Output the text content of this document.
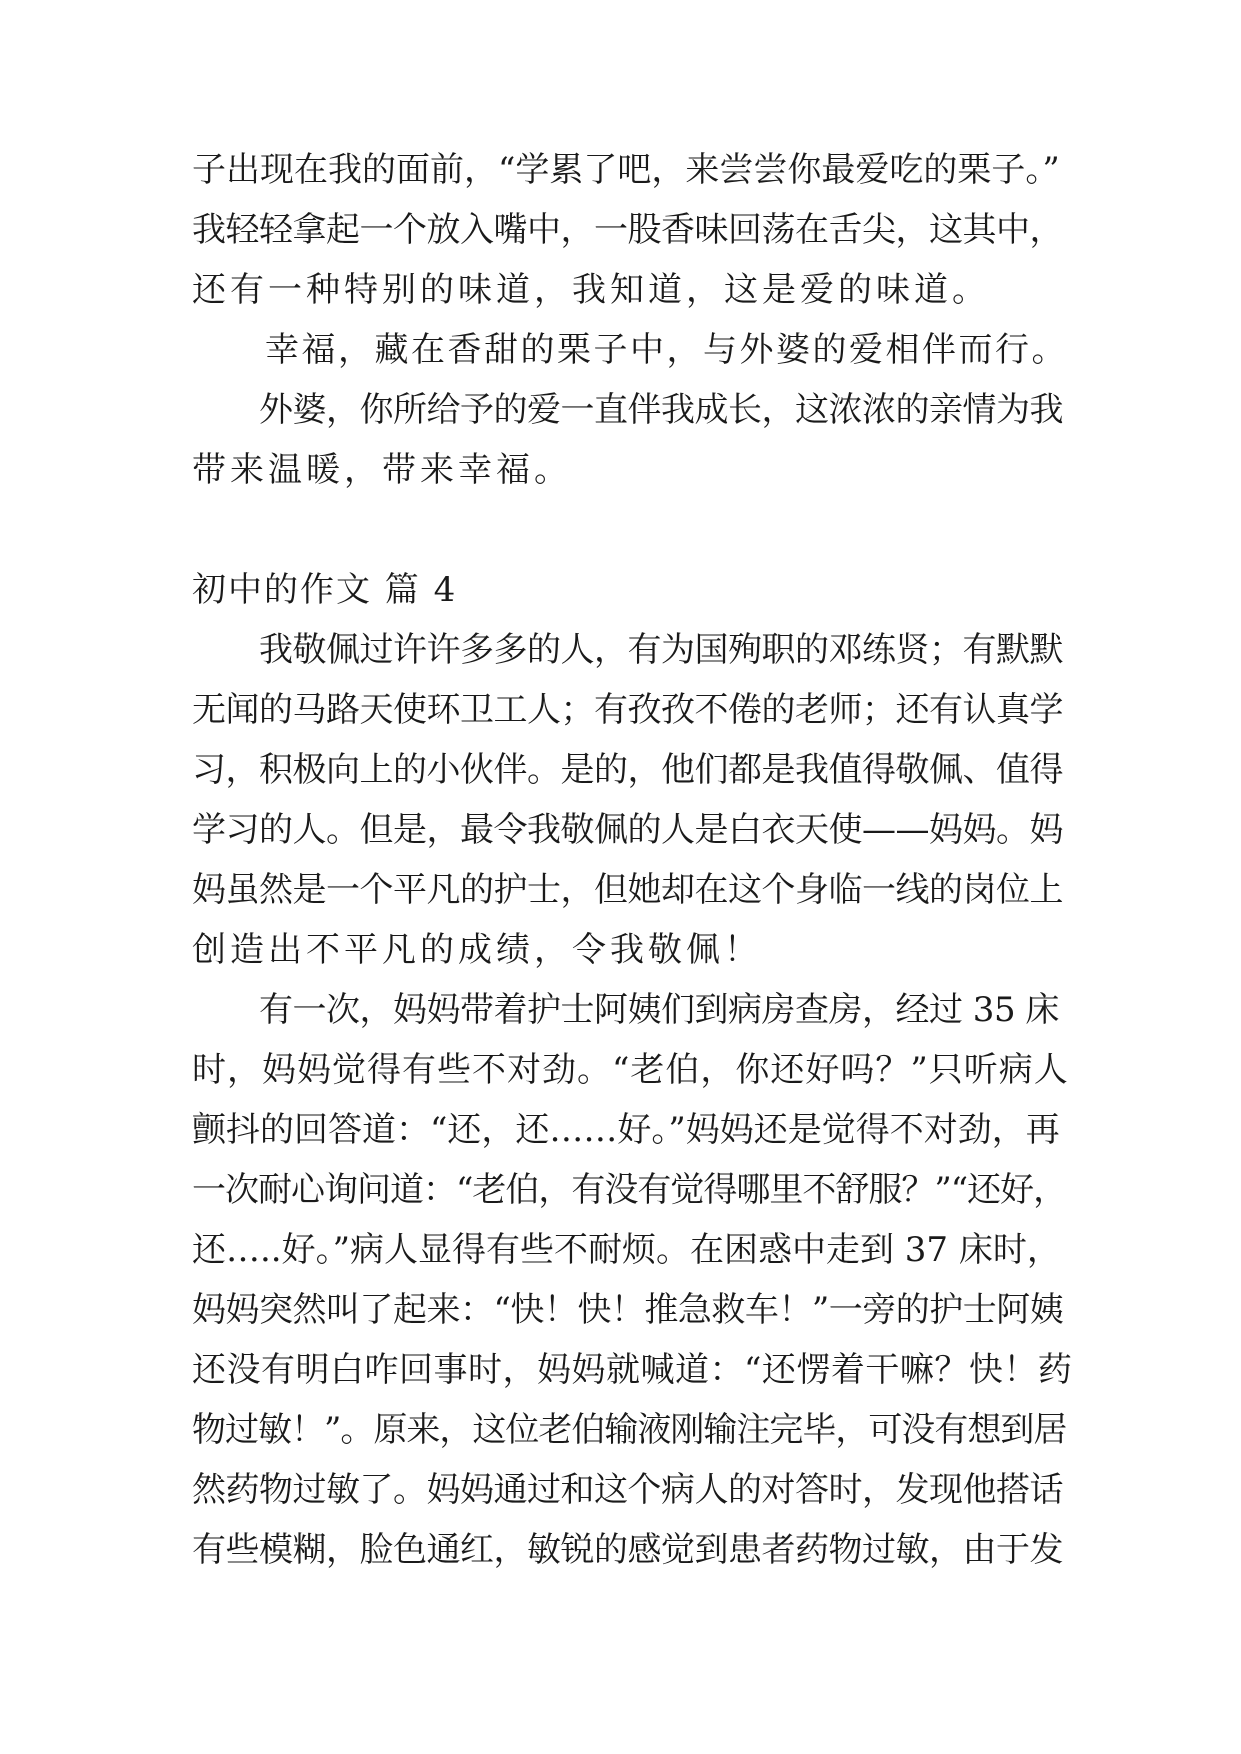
子出现在我的面前，“学累了吧，来尝尝你最爱吃的栗子。”
我轻轻拿起一个放入嘴中，一股香味回荡在舌尖，这其中，
还有一种特别的味道，我知道，这是爱的味道。
　　幸福，藏在香甜的栗子中，与外婆的爱相伴而行。
　　外婆，你所给予的爱一直伴我成长，这浓浓的亲情为我
带来温暖，带来幸福。
初中的作文 篇 4
　　我敬佩过许许多多的人，有为国殉职的邓练贤；有默默
无闻的马路天使环卫工人；有孜孜不倦的老师；还有认真学
习，积极向上的小伙伴。是的，他们都是我值得敬佩、值得
学习的人。但是，最令我敬佩的人是白衣天使——妈妈。妈
妈虽然是一个平凡的护士，但她却在这个身临一线的岗位上
创造出不平凡的成绩，令我敬佩！
　　有一次，妈妈带着护士阿姨们到病房查房，经过 35 床
时，妈妈觉得有些不对劲。“老伯，你还好吗？”只听病人
颤抖的回答道：“还，还……好。”妈妈还是觉得不对劲，再
一次耐心询问道：“老伯，有没有觉得哪里不舒服？”“还好，
还…..好。”病人显得有些不耐烦。在困惑中走到 37 床时，
妈妈突然叫了起来：“快！快！推急救车！”一旁的护士阿姨
还没有明白咋回事时，妈妈就喊道：“还愣着干嘛？快！药
物过敏！”。原来，这位老伯输液刚输注完毕，可没有想到居
然药物过敏了。妈妈通过和这个病人的对答时，发现他搭话
有些模糊，脸色通红，敏锐的感觉到患者药物过敏，由于发
